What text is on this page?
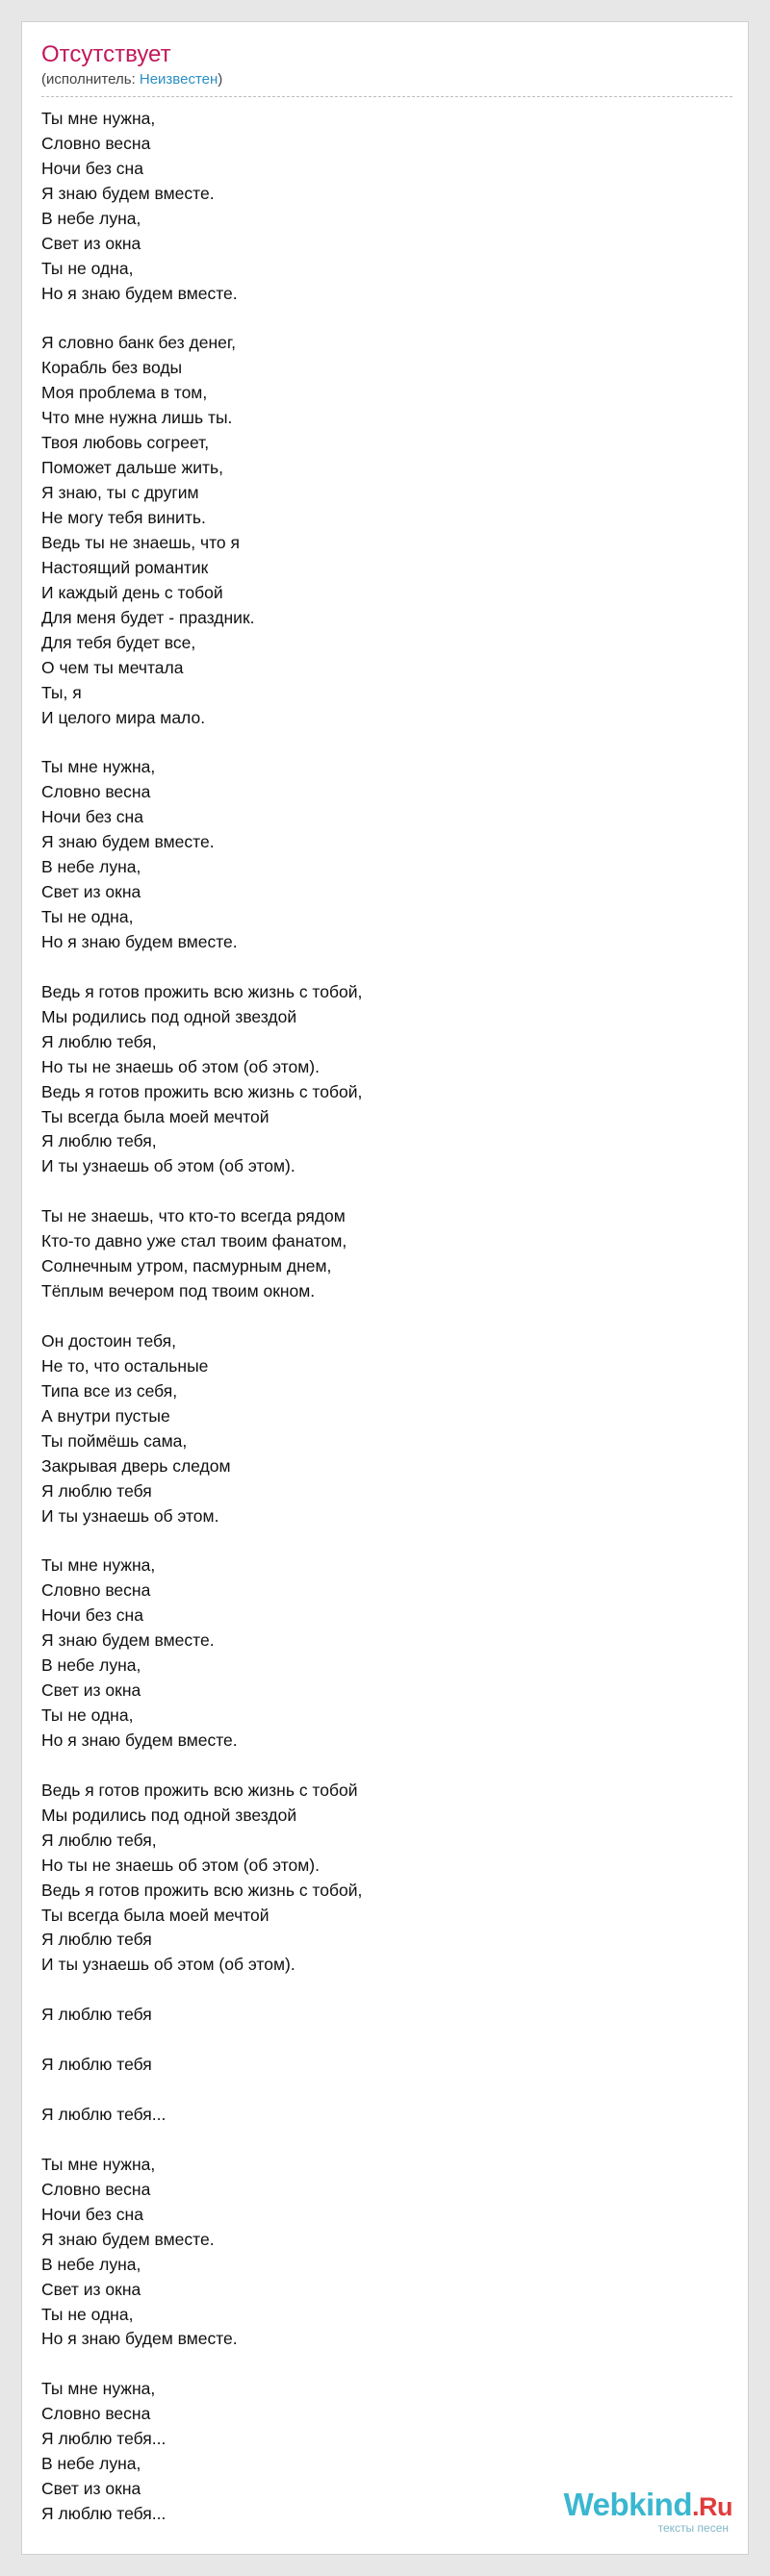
Отсутствует
(исполнитель: Неизвестен)
Ты мне нужна,
Словно весна
Ночи без сна
Я знаю будем вместе.
В небе луна,
Свет из окна
Ты не одна,
Но я знаю будем вместе.
Я словно банк без денег,
Корабль без воды
Моя проблема в том,
Что мне нужна лишь ты.
Твоя любовь согреет,
Поможет дальше жить,
Я знаю, ты с другим
Не могу тебя винить.
Ведь ты не знаешь, что я
Настоящий романтик
И каждый день с тобой
Для меня будет - праздник.
Для тебя будет все,
О чем ты мечтала
Ты, я
И целого мира мало.
Ты мне нужна,
Словно весна
Ночи без сна
Я знаю будем вместе.
В небе луна,
Свет из окна
Ты не одна,
Но я знаю будем вместе.
Ведь я готов прожить всю жизнь с тобой,
Мы родились под одной звездой
Я люблю тебя,
Но ты не знаешь об этом (об этом).
Ведь я готов прожить всю жизнь с тобой,
Ты всегда была моей мечтой
Я люблю тебя,
И ты узнаешь об этом (об этом).
Ты не знаешь, что кто-то всегда рядом
Кто-то давно уже стал твоим фанатом,
Солнечным утром, пасмурным днем,
Тёплым вечером под твоим окном.
Он достоин тебя,
Не то, что остальные
Типа все из себя,
А внутри пустые
Ты поймёшь сама,
Закрывая дверь следом
Я люблю тебя
И ты узнаешь об этом.
Ты мне нужна,
Словно весна
Ночи без сна
Я знаю будем вместе.
В небе луна,
Свет из окна
Ты не одна,
Но я знаю будем вместе.
Ведь я готов прожить всю жизнь с тобой
Мы родились под одной звездой
Я люблю тебя,
Но ты не знаешь об этом (об этом).
Ведь я готов прожить всю жизнь с тобой,
Ты всегда была моей мечтой
Я люблю тебя
И ты узнаешь об этом (об этом).
Я люблю тебя
Я люблю тебя
Я люблю тебя...
Ты мне нужна,
Словно весна
Ночи без сна
Я знаю будем вместе.
В небе луна,
Свет из окна
Ты не одна,
Но я знаю будем вместе.
Ты мне нужна,
Словно весна
Я люблю тебя...
В небе луна,
Свет из окна
Я люблю тебя...	Webkind.Ru
тексты песен
